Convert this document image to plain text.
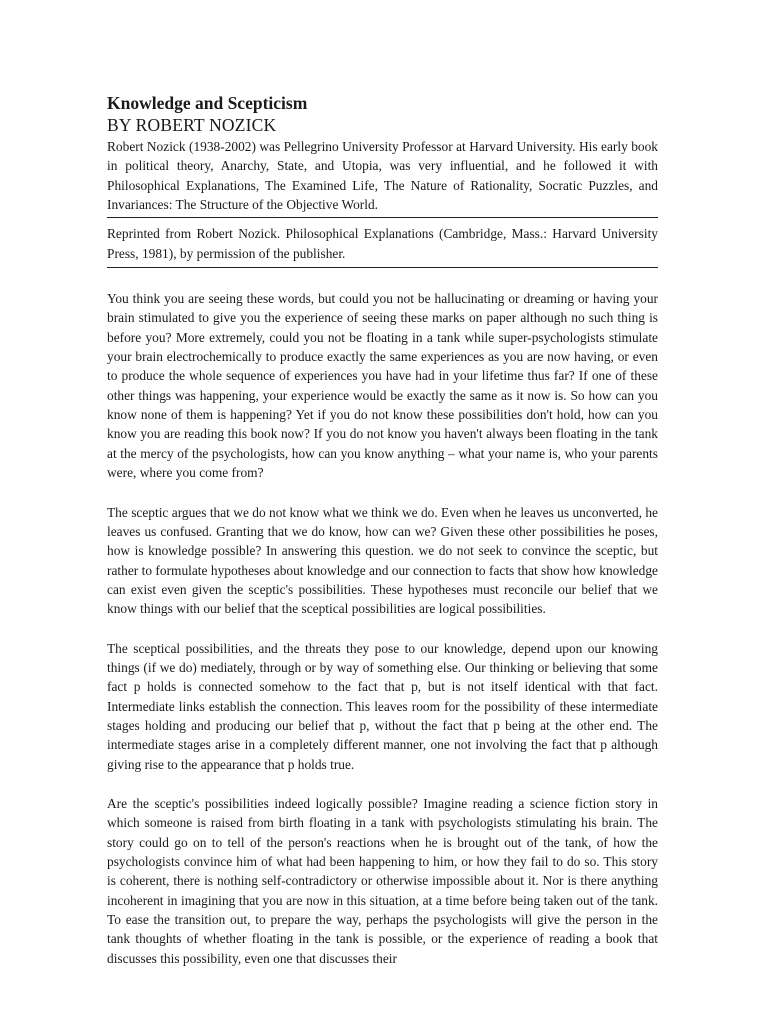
Knowledge and Scepticism
BY ROBERT NOZICK

Robert Nozick (1938-2002) was Pellegrino University Professor at Harvard University. His early book in political theory, Anarchy, State, and Utopia, was very influential, and he followed it with Philosophical Explanations, The Examined Life, The Nature of Rationality, Socratic Puzzles, and Invariances: The Structure of the Objective World.

Reprinted from Robert Nozick. Philosophical Explanations (Cambridge, Mass.: Harvard University Press, 1981), by permission of the publisher.

You think you are seeing these words, but could you not be hallucinating or dreaming or having your brain stimulated to give you the experience of seeing these marks on paper although no such thing is before you? More extremely, could you not be floating in a tank while super-psychologists stimulate your brain electrochemically to produce exactly the same experiences as you are now having, or even to produce the whole sequence of experiences you have had in your lifetime thus far? If one of these other things was happening, your experience would be exactly the same as it now is. So how can you know none of them is happening? Yet if you do not know these possibilities don't hold, how can you know you are reading this book now? If you do not know you haven't always been floating in the tank at the mercy of the psychologists, how can you know anything – what your name is, who your parents were, where you come from?

The sceptic argues that we do not know what we think we do. Even when he leaves us unconverted, he leaves us confused. Granting that we do know, how can we? Given these other possibilities he poses, how is knowledge possible? In answering this question. we do not seek to convince the sceptic, but rather to formulate hypotheses about knowledge and our connection to facts that show how knowledge can exist even given the sceptic's possibilities. These hypotheses must reconcile our belief that we know things with our belief that the sceptical possibilities are logical possibilities.

The sceptical possibilities, and the threats they pose to our knowledge, depend upon our knowing things (if we do) mediately, through or by way of something else. Our thinking or believing that some fact p holds is connected somehow to the fact that p, but is not itself identical with that fact. Intermediate links establish the connection. This leaves room for the possibility of these intermediate stages holding and producing our belief that p, without the fact that p being at the other end. The intermediate stages arise in a completely different manner, one not involving the fact that p although giving rise to the appearance that p holds true.

Are the sceptic's possibilities indeed logically possible? Imagine reading a science fiction story in which someone is raised from birth floating in a tank with psychologists stimulating his brain. The story could go on to tell of the person's reactions when he is brought out of the tank, of how the psychologists convince him of what had been happening to him, or how they fail to do so. This story is coherent, there is nothing self-contradictory or otherwise impossible about it. Nor is there anything incoherent in imagining that you are now in this situation, at a time before being taken out of the tank. To ease the transition out, to prepare the way, perhaps the psychologists will give the person in the tank thoughts of whether floating in the tank is possible, or the experience of reading a book that discusses this possibility, even one that discusses their
